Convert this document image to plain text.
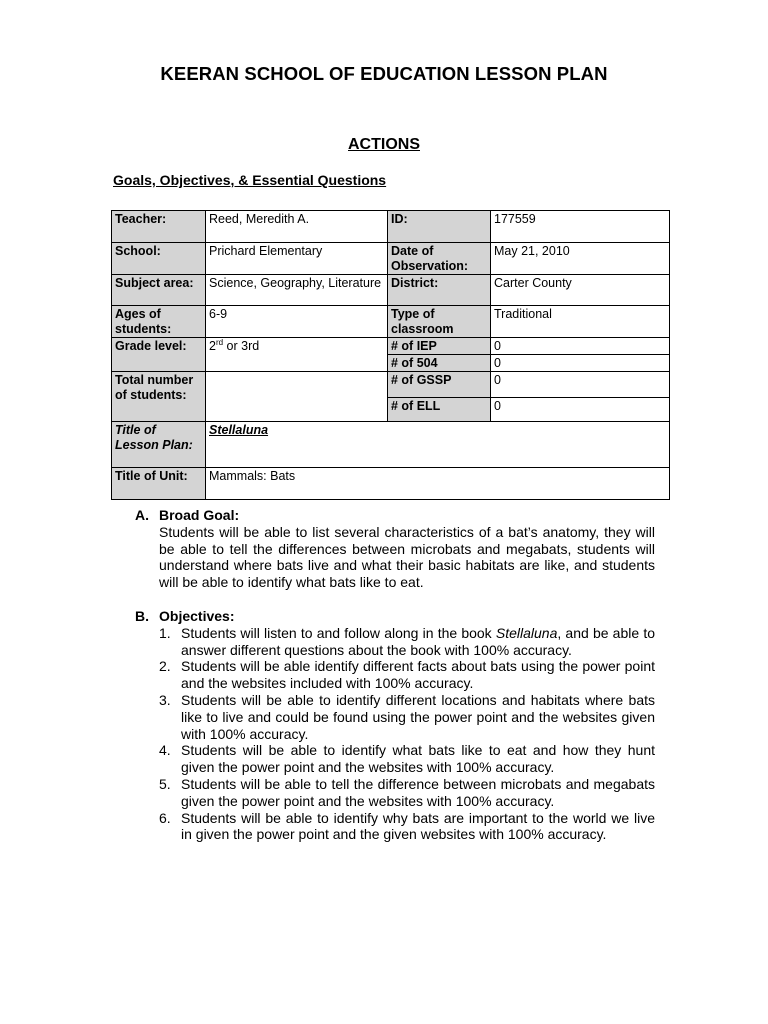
KEERAN SCHOOL OF EDUCATION LESSON PLAN
ACTIONS
Goals, Objectives, & Essential Questions
Teacher:	Reed, Meredith A.	ID:	177559
School:	Prichard Elementary	Date of Observation:	May 21, 2010
Subject area:	Science, Geography, Literature	District:	Carter County
Ages of students:	6-9	Type of classroom	Traditional
Grade level:	2rd or 3rd	# of IEP	0
		# of 504	0

Total number of students:		# of GSSP	0
		# of ELL	0
Title of Lesson Plan:	Stellaluna		
Title of Unit:	Mammals: Bats		
A. Broad Goal:
Students will be able to list several characteristics of a bat’s anatomy, they will be able to tell the differences between microbats and megabats, students will understand where bats live and what their basic habitats are like, and students will be able to identify what bats like to eat.
B. Objectives:
1. Students will listen to and follow along in the book Stellaluna, and be able to answer different questions about the book with 100% accuracy.
2. Students will be able identify different facts about bats using the power point and the websites included with 100% accuracy.
3. Students will be able to identify different locations and habitats where bats like to live and could be found using the power point and the websites given with 100% accuracy.
4. Students will be able to identify what bats like to eat and how they hunt given the power point and the websites with 100% accuracy.
5. Students will be able to tell the difference between microbats and megabats given the power point and the websites with 100% accuracy.
6. Students will be able to identify why bats are important to the world we live in given the power point and the given websites with 100% accuracy.
